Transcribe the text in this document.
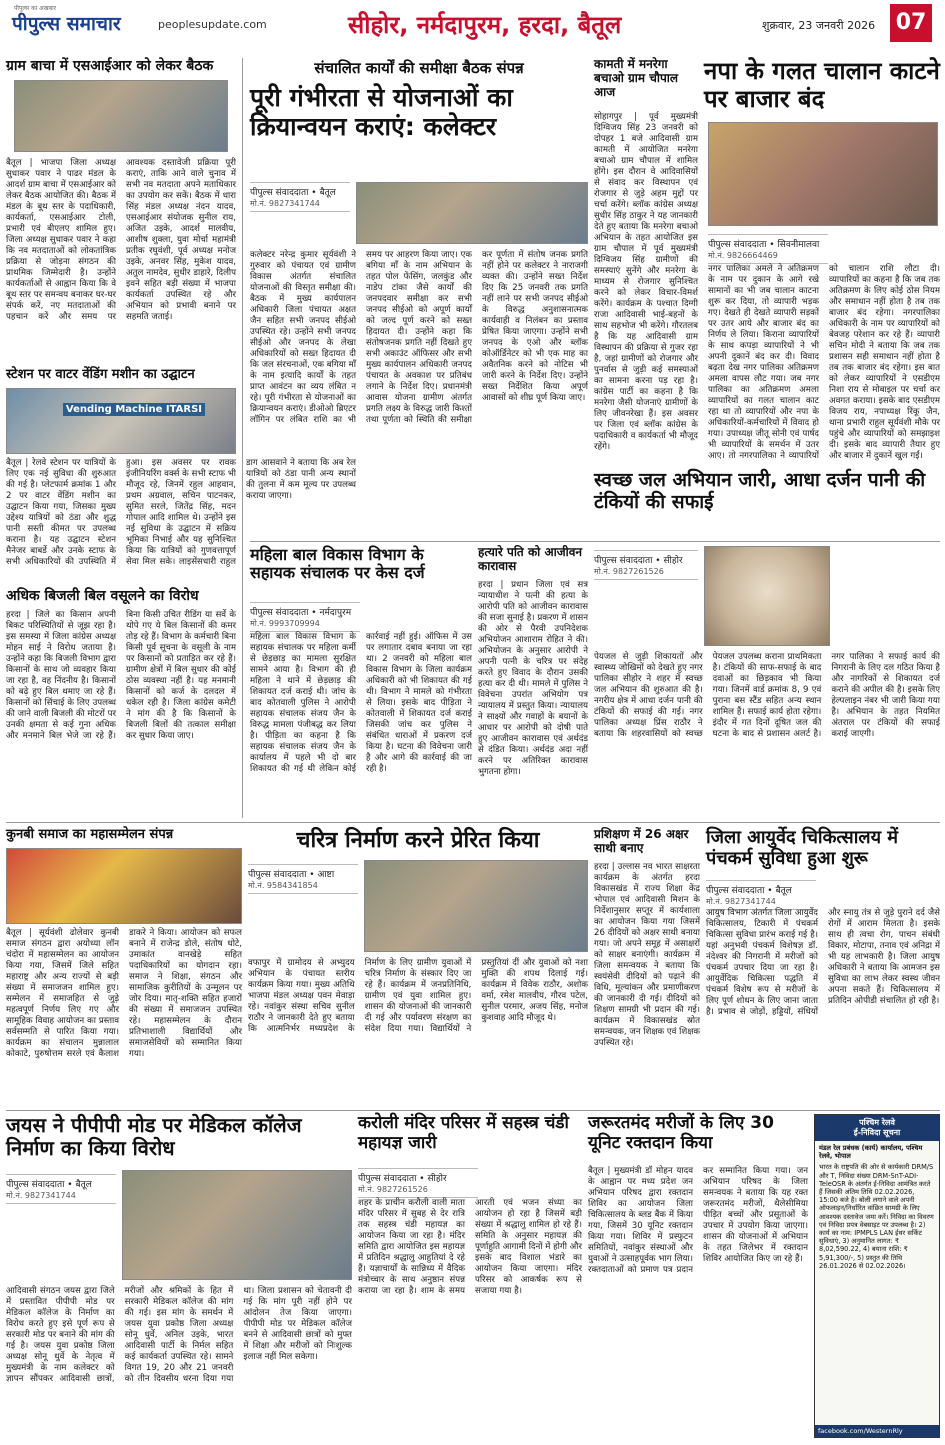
पीपुल्स का अखबार
पीपुल्स समाचार	peoplesupdate.com	सीहोर, नर्मदापुरम, हरदा, बैतूल	शुक्रवार, 23 जनवरी 2026 07
ग्राम बाचा में एसआईआर को लेकर बैठक
बैतूल | भाजपा जिला अध्यक्ष सुधाकर पवार ने पाढर मंडल के आदर्श ग्राम बाचा में एसआईआर को लेकर बैठक आयोजित की। बैठक में मंडल के बूथ स्तर के पदाधिकारी, कार्यकर्ता, एसआईआर टोली, प्रभारी एवं बीएलए शामिल हुए। जिला अध्यक्ष सुधाकर पवार ने कहा कि नव मतदाताओं को लोकतांत्रिक प्रक्रिया से जोड़ना संगठन की प्राथमिक जिम्मेदारी है। उन्होंने कार्यकर्ताओं से आह्वान किया कि वे बूथ स्तर पर समन्वय बनाकर घर-घर संपर्क करें, नए मतदाताओं की पहचान करें और समय पर आवश्यक दस्तावेजी प्रक्रिया पूरी कराएं, ताकि आने वाले चुनाव में सभी नव मतदाता अपने मताधिकार का उपयोग कर सकें। बैठक में धारा सिंह मंडल अध्यक्ष नंदन यादव, एसआईआर संयोजक सुनील राय, अजित उइके, आदर्श मालवीय, आशीष शुक्ला, युवा मोर्चा महामंत्री प्रतीक रघुवंशी, पूर्व अध्यक्ष मनोज उइके, अनवर सिंह, मुकेश यादव, अतुल नामदेव, सुधीर डाहारे, दिलीप इवने सहित बड़ी संख्या में भाजपा कार्यकर्ता उपस्थित रहे और अभियान को प्रभावी बनाने पर सहमति जताई।
स्टेशन पर वाटर वेंडिंग मशीन का उद्घाटन
Vending Machine ITARSI
बैतूल | रेलवे स्टेशन पर यात्रियों के लिए एक नई सुविधा की शुरुआत की गई है। प्लेटफार्म क्रमांक 1 और 2 पर वाटर वेंडिंग मशीन का उद्घाटन किया गया, जिसका मुख्य उद्देश्य यात्रियों को ठंडा और शुद्ध पानी सस्ती कीमत पर उपलब्ध कराना है। यह उद्घाटन स्टेशन मैनेजर बाबर्डे और उनके स्टाफ के सभी अधिकारियों की उपस्थिति में हुआ। इस अवसर पर रावक इंजीनियरिंग वर्क्स के सभी स्टाफ भी मौजूद रहे, जिनमें रहुल आहवान, प्रथम अग्रवाल, सचिन पाटनकर, सुमित सरले, जितेंद्र सिंह, मदन गोपाल आदि शामिल थे। उन्होंने इस नई सुविधा के उद्घाटन में सक्रिय भूमिका निभाई और यह सुनिश्चित किया कि यात्रियों को गुणवत्तापूर्ण सेवा मिल सके। लाइसेंसधारी राहुल डाग आसवाने ने बताया कि अब रेल यात्रियों को ठंडा पानी अन्य स्थानों की तुलना में कम मूल्य पर उपलब्ध कराया जाएगा।
अधिक बिजली बिल वसूलने का विरोध
हरदा | जिले का किसान अपनी बिकट परिस्थितियों से जूझ रहा है। इस समस्या में जिला कांग्रेस अध्यक्ष मोहन साई ने विरोध जताया है। उन्होंने कहा कि बिजली विभाग द्वारा किसानों के साथ जो व्यवहार किया जा रहा है, वह निंदनीय है। किसानों को बढ़े हुए बिल थमाए जा रहे हैं। किसानों को सिंचाई के लिए उपलब्ध की जाने वाली बिजली की मोटरों पर उनकी क्षमता से कई गुना अधिक और मनमाने बिल भेजे जा रहे हैं। बिना किसी उचित रीडिंग या सर्वे के थोपे गए ये बिल किसानों की कमर तोड़ रहे हैं। विभाग के कर्मचारी बिना किसी पूर्व सूचना के वसूली के नाम पर किसानों को प्रताड़ित कर रहे हैं। ग्रामीण क्षेत्रों में बिल सुधार की कोई ठोस व्यवस्था नहीं है। यह मनमानी किसानों को कर्ज के दलदल में धकेल रही है। जिला कांग्रेस कमेटी ने मांग की है कि किसानों के बिजली बिलों की तत्काल समीक्षा कर सुधार किया जाए।
संचालित कार्यों की समीक्षा बैठक संपन्न
पूरी गंभीरता से योजनाओं का क्रियान्वयन कराएं: कलेक्टर
पीपुल्स संवाददाता • बैतूल
मो.नं. 9827341744
कलेक्टर नरेन्द्र कुमार सूर्यवंशी ने गुरुवार को पंचायत एवं ग्रामीण विकास अंतर्गत संचालित योजनाओं की विस्तृत समीक्षा की। बैठक में मुख्य कार्यपालन अधिकारी जिला पंचायत अक्षत जैन सहित सभी जनपद सीईओ उपस्थित रहे। उन्होंने सभी जनपद सीईओ और जनपद के लेखा अधिकारियों को सख्त हिदायत दी कि जल संरचनाओं, एक बगिया माँ के नाम इत्यादि कार्यों के तहत प्राप्त आवंटन का व्यय लंबित न रहे। पूरी गंभीरता से योजनाओं का क्रियान्वयन कराएं। डीओओ ब्रिएटर लॉगिन पर लंबित राशि का भी समय पर आहरण किया जाए। एक बगिया माँ के नाम अभियान के तहत पोल फेंसिंग, जलकुंड और नाडेप टांका जैसे कार्यों की जनपदवार समीक्षा कर सभी जनपद सीईओ को अपूर्ण कार्यों को जल्द पूर्ण करने को सख्त हिदायत दी। उन्होंने कहा कि संतोषजनक प्रगति नहीं दिखते हुए सभी अकाउंट ऑफिसर और सभी मुख्य कार्यपालन अधिकारी जनपद पंचायत के अवकाश पर प्रतिबंध लगाने के निर्देश दिए। प्रधानमंत्री आवास योजना ग्रामीण अंतर्गत प्रगति लक्ष्य के विरुद्ध जारी किश्तों तथा पूर्णता को स्थिति की समीक्षा कर पूर्णता में संतोष जनक प्रगति नहीं होने पर कलेक्टर ने नाराजगी व्यक्त की। उन्होंने सख्त निर्देश दिए कि 25 जनवरी तक प्रगति नहीं लाने पर सभी जनपद सीईओ के विरुद्ध अनुशासनात्मक कार्यवाही व निलंबन का प्रस्ताव प्रेषित किया जाएगा। उन्होंने सभी जनपद के एओ और ब्लॉक कोऑर्डिनेटर को भी एक माह का अवैतनिक करने को नोटिस भी जारी करने के निर्देश दिए। उन्होंने सख्त निर्देशित किया अपूर्ण आवासों को शीघ्र पूर्ण किया जाए।
कामती में मनरेगा बचाओ ग्राम चौपाल आज
सोहागपुर | पूर्व मुख्यमंत्री दिग्विजय सिंह 23 जनवरी को दोपहर 1 बजे आदिवासी ग्राम कामती में आयोजित मनरेगा बचाओ ग्राम चौपाल में शामिल होंगे। इस दौरान वे आदिवासियों से संवाद कर विस्थापन एवं रोजगार से जुड़े अहम मुद्दों पर चर्चा करेंगे। ब्लॉक कांग्रेस अध्यक्ष सुधीर सिंह ठाकुर ने यह जानकारी देते हुए बताया कि मनरेगा बचाओ अभियान के तहत आयोजित इस ग्राम चौपाल में पूर्व मुख्यमंत्री दिग्विजय सिंह ग्रामीणों की समस्याएं सुनेंगे और मनरेगा के माध्यम से रोजगार सुनिश्चित करने को लेकर विचार-विमर्श करेंगे। कार्यक्रम के पश्चात दिग्गी राजा आदिवासी भाई-बहनों के साथ सहभोज भी करेंगे। गौरतलब है कि यह आदिवासी ग्राम विस्थापन की प्रक्रिया से गुजर रहा है, जहां ग्रामीणों को रोजगार और पुनर्वास से जुड़ी कई समस्याओं का सामना करना पड़ रहा है। कांग्रेस पार्टी का कहना है कि मनरेगा जैसी योजनाएं ग्रामीणों के लिए जीवनरेखा हैं। इस अवसर पर जिला एवं ब्लॉक कांग्रेस के पदाधिकारी व कार्यकर्ता भी मौजूद रहेंगे।
नपा के गलत चालान काटने पर बाजार बंद
पीपुल्स संवाददाता • सिवनीमालवा
मो.नं. 9826664469
नगर पालिका अमले ने अतिक्रमण के नाम पर दुकान के आगे रखे सामानों का भी जब चालान काटना शुरू कर दिया, तो व्यापारी भड़क गए। देखते ही देखते व्यापारी सड़कों पर उतर आये और बाजार बंद का निर्णय ले लिया। किराना व्यापारियों के साथ कपड़ा व्यापारियों ने भी अपनी दुकानें बंद कर दी। विवाद बढ़ता देख नगर पालिका अतिक्रमण अमला वापस लौट गया। जब नगर पालिका का अतिक्रमण अमला व्यापारियों का गलत चालान काट रहा था तो व्यापारियों और नपा के अधिकारियों-कर्मचारियों में विवाद हो गया। उपाध्यक्ष जीतू सोनी एवं पार्षद भी व्यापारियों के समर्थन में उतर आए। तो नगरपालिका ने व्यापारियों को चालान राशि लौटा दी। व्यापारियों का कहना है कि जब तक अतिक्रमण के लिए कोई ठोस नियम और समाधान नहीं होता है तब तक बाजार बंद रहेगा। नगरपालिका अधिकारी के नाम पर व्यापारियों को बेवजह परेशान कर रहे हैं। व्यापारी सचिन मोदी ने बताया कि जब तक प्रशासन सही समाधान नहीं होता है तब तक बाजार बंद रहेगा। इस बात को लेकर व्यापारियों ने एसडीएम निशा राय से मोबाइल पर चर्चा कर अवगत कराया। इसके बाद एसडीएम विजय राय, नपाध्यक्ष रिंकू जैन, थाना प्रभारी राहुल सूर्यवंशी मौके पर पहुंचे और व्यापारियों को समझाइश दी। इसके बाद व्यापारी तैयार हुए और बाजार में दुकानें खुल गईं।
महिला बाल विकास विभाग के सहायक संचालक पर केस दर्ज
पीपुल्स संवाददाता • नर्मदापुरम
मो.नं. 9993709994
महिला बाल विकास विभाग के सहायक संचालक पर महिला कर्मी से छेड़छाड़ का मामला सुरक्षित सामने आया है। विभाग की ही महिला ने थाने में छेड़छाड़ की शिकायत दर्ज कराई थी। जांच के बाद कोतवाली पुलिस ने आरोपी सहायक संचालक संजय जैन के विरुद्ध मामला पंजीबद्ध कर लिया है। पीड़िता का कहना है कि सहायक संचालक संजय जैन के कार्यालय में पहले भी दो बार शिकायत की गई थी लेकिन कोई कार्रवाई नहीं हुई। ऑफिस में उस पर लगातार दबाव बनाया जा रहा था। 2 जनवरी को महिला बाल विकास विभाग के जिला कार्यक्रम अधिकारी को भी शिकायत की गई थी। विभाग ने मामले को गंभीरता से लिया। इसके बाद पीड़िता ने कोतवाली में शिकायत दर्ज कराई जिसकी जांच कर पुलिस ने संबंधित धाराओं में प्रकरण दर्ज किया है। घटना की विवेचना जारी है और आगे की कार्रवाई की जा रही है।
हत्यारे पति को आजीवन कारावास
हरदा | प्रधान जिला एवं सत्र न्यायाधीश ने पत्नी की हत्या के आरोपी पति को आजीवन कारावास की सजा सुनाई है। प्रकरण में शासन की ओर से पैरवी उपनिदेशक अभियोजन आशाराम रोहित ने की। अभियोजन के अनुसार आरोपी ने अपनी पत्नी के चरित्र पर संदेह करते हुए विवाद के दौरान उसकी हत्या कर दी थी। मामले में पुलिस ने विवेचना उपरांत अभियोग पत्र न्यायालय में प्रस्तुत किया। न्यायालय ने साक्ष्यों और गवाहों के बयानों के आधार पर आरोपी को दोषी पाते हुए आजीवन कारावास एवं अर्थदंड से दंडित किया। अर्थदंड अदा नहीं करने पर अतिरिक्त कारावास भुगतना होगा।
स्वच्छ जल अभियान जारी, आधा दर्जन पानी की टंकियों की सफाई
पीपुल्स संवाददाता • सीहोर
मो.नं. 9827261526
पेयजल से जुड़ी शिकायतों और स्वास्थ्य जोखिमों को देखते हुए नगर पालिका सीहोर ने शहर में स्वच्छ जल अभियान की शुरुआत की है। नगरीय क्षेत्र में आधा दर्जन पानी की टंकियों की सफाई की गई। नगर पालिका अध्यक्ष प्रिंस राठौर ने बताया कि शहरवासियों को स्वच्छ पेयजल उपलब्ध कराना प्राथमिकता है। टंकियों की साफ-सफाई के बाद दवाओं का छिड़काव भी किया गया। जिनमें वार्ड क्रमांक 8, 9 एवं पुराना बस स्टैंड सहित अन्य स्थान शामिल हैं। सफाई कार्य होता रहेगा। इंदौर में गत दिनों दूषित जल की घटना के बाद से प्रशासन अलर्ट है। नगर पालिका ने सफाई कार्य की निगरानी के लिए दल गठित किया है और नागरिकों से शिकायत दर्ज कराने की अपील की है। इसके लिए हेल्पलाइन नंबर भी जारी किया गया है। अभियान के तहत नियमित अंतराल पर टंकियों की सफाई कराई जाएगी।
कुनबी समाज का महासम्मेलन संपन्न
बैतूल | सूर्यवंशी ढोलेवार कुनबी समाज संगठन द्वारा अयोध्या लॉन चंदोरा में महासम्मेलन का आयोजन किया गया, जिसमें जिले सहित महाराष्ट्र और अन्य राज्यों से बड़ी संख्या में समाजजन शामिल हुए। सम्मेलन में समाजहित से जुड़े महत्वपूर्ण निर्णय लिए गए और सामूहिक विवाह आयोजन का प्रस्ताव सर्वसम्मति से पारित किया गया। कार्यक्रम का संचालन मुन्नालाल कोकाटे, पुरुषोत्तम सरले एवं कैलाश डाकरे ने किया। आयोजन को सफल बनाने में राजेन्द्र डोले, संतोष धोटे, उमाकांत वानखेड़े सहित पदाधिकारियों का योगदान रहा। समाज ने शिक्षा, संगठन और सामाजिक कुरीतियों के उन्मूलन पर जोर दिया। मातृ-शक्ति सहित हजारों की संख्या में समाजजन उपस्थित रहे। महासम्मेलन के दौरान प्रतिभाशाली विद्यार्थियों और समाजसेवियों को सम्मानित किया गया।
चरित्र निर्माण करने प्रेरित किया
पीपुल्स संवाददाता • आष्टा
मो.नं. 9584341854
वफापुर में ग्रामोदय से अभ्युदय अभियान के पंचायत स्तरीय कार्यक्रम किया गया। मुख्य अतिथि भाजपा मंडल अध्यक्ष पवन मेवाड़ा रहे। नवांकुर संस्था सचिव सुनील राठौर ने जानकारी देते हुए बताया कि आत्मनिर्भर मध्यप्रदेश के निर्माण के लिए ग्रामीण युवाओं में चरित्र निर्माण के संस्कार दिए जा रहे हैं। कार्यक्रम में जनप्रतिनिधि, ग्रामीण एवं युवा शामिल हुए। शासन की योजनाओं की जानकारी दी गई और पर्यावरण संरक्षण का संदेश दिया गया। विद्यार्थियों ने प्रस्तुतियां दीं और युवाओं को नशा मुक्ति की शपथ दिलाई गई। कार्यक्रम में विवेक राठौर, अशोक वर्मा, रमेश मालवीय, गौरव पटेल, सुनील परमार, अजय सिंह, मनोज कुशवाह आदि मौजूद थे।
प्रशिक्षण में 26 अक्षर साथी बनाए
हरदा | उल्लास नव भारत साक्षरता कार्यक्रम के अंतर्गत हरदा विकासखंड में राज्य शिक्षा केंद्र भोपाल एवं आदिवासी मिशन के निर्देशानुसार सप्तूर में कार्यशाला का आयोजन किया गया जिसमें 26 दीदियों को अक्षर साथी बनाया गया। जो अपने समूह में असाक्षरों को साक्षर बनाएंगी। कार्यक्रम में जिला समन्वयक ने बताया कि स्वयंसेवी दीदियों को पढ़ाने की विधि, मूल्यांकन और प्रमाणीकरण की जानकारी दी गई। दीदियों को शिक्षण सामग्री भी प्रदान की गई। कार्यक्रम में विकासखंड स्रोत समन्वयक, जन शिक्षक एवं शिक्षक उपस्थित रहे।
जिला आयुर्वेद चिकित्सालय में पंचकर्म सुविधा हुआ शुरू
पीपुल्स संवाददाता • बैतूल
मो.नं. 9827341744
आयुष विभाग अंतर्गत जिला आयुर्वेद चिकित्सालय, टिकारी में पंचकर्म चिकित्सा सुविधा प्रारंभ कराई गई है। यहां अनुभवी पंचकर्म विशेषज्ञ डॉ. नंदेश्वर की निगरानी में मरीजों को पंचकर्म उपचार दिया जा रहा है। आयुर्वेदिक चिकित्सा पद्धति में पंचकर्म विशेष रूप से मरीजों के लिए पूर्ण शोधन के लिए जाना जाता है। प्रभाव से जोड़ों, हड्डियों, संधियों और स्नायु तंत्र से जुड़े पुराने दर्द जैसे रोगों में आराम मिलता है। इसके साथ ही त्वचा रोग, पाचन संबंधी विकार, मोटापा, तनाव एवं अनिद्रा में भी यह लाभकारी है। जिला आयुष अधिकारी ने बताया कि आमजन इस सुविधा का लाभ लेकर स्वस्थ जीवन अपना सकते हैं। चिकित्सालय में प्रतिदिन ओपीडी संचालित हो रही है।
जयस ने पीपीपी मोड पर मेडिकल कॉलेज निर्माण का किया विरोध
पीपुल्स संवाददाता • बैतूल
मो.नं. 9827341744
आदिवासी संगठन जयस द्वारा जिले में प्रस्तावित पीपीपी मोड पर मेडिकल कॉलेज के निर्माण का विरोध करते हुए इसे पूर्ण रूप से सरकारी मोड पर बनाने की मांग की गई है। जयस युवा प्रकोष्ठ जिला अध्यक्ष सोनू धुर्वे के नेतृत्व में मुख्यमंत्री के नाम कलेक्टर को ज्ञापन सौंपकर आदिवासी छात्रों, मरीजों और श्रमिकों के हित में सरकारी मेडिकल कॉलेज की मांग की गई। इस मांग के समर्थन में जयस युवा प्रकोष्ठ जिला अध्यक्ष सोनू धुर्वे, अनिल उइके, भारत आदिवासी पार्टी के निर्मल सहित कई कार्यकर्ता उपस्थित रहे। सामने विगत 19, 20 और 21 जनवरी को तीन दिवसीय धरना दिया गया था। जिला प्रशासन को चेतावनी दी गई कि मांग पूरी नहीं होने पर आंदोलन तेज किया जाएगा। पीपीपी मोड पर मेडिकल कॉलेज बनने से आदिवासी छात्रों को मुफ्त में शिक्षा और मरीजों को निःशुल्क इलाज नहीं मिल सकेगा।
करोली मंदिर परिसर में सहस्त्र चंडी महायज्ञ जारी
पीपुल्स संवाददाता • सीहोर
मो.नं. 9827261526
शहर के प्राचीन करौली वाली माता मंदिर परिसर में सुबह से देर रात्रि तक सहस्त्र चंडी महायज्ञ का आयोजन किया जा रहा है। मंदिर समिति द्वारा आयोजित इस महायज्ञ में प्रतिदिन श्रद्धालु आहुतियां दे रहे हैं। यज्ञाचार्यों के सान्निध्य में वैदिक मंत्रोच्चार के साथ अनुष्ठान संपन्न कराया जा रहा है। शाम के समय आरती एवं भजन संध्या का आयोजन हो रहा है जिसमें बड़ी संख्या में श्रद्धालु शामिल हो रहे हैं। समिति के अनुसार महायज्ञ की पूर्णाहुति आगामी दिनों में होगी और इसके बाद विशाल भंडारे का आयोजन किया जाएगा। मंदिर परिसर को आकर्षक रूप से सजाया गया है।
जरूरतमंद मरीजों के लिए 30 यूनिट रक्तदान किया
बैतूल | मुख्यमंत्री डॉ मोहन यादव के आह्वान पर मध्य प्रदेश जन अभियान परिषद द्वारा रक्तदान शिविर का आयोजन जिला चिकित्सालय के ब्लड बैंक में किया गया, जिसमें 30 यूनिट रक्तदान किया गया। शिविर में प्रस्फुटन समितियों, नवांकुर संस्थाओं और युवाओं ने उत्साहपूर्वक भाग लिया। रक्तदाताओं को प्रमाण पत्र प्रदान कर सम्मानित किया गया। जन अभियान परिषद के जिला समन्वयक ने बताया कि यह रक्त जरूरतमंद मरीजों, थैलेसीमिया पीड़ित बच्चों और प्रसूताओं के उपचार में उपयोग किया जाएगा। शासन की योजनाओं में अभियान के तहत जिलेभर में रक्तदान शिविर आयोजित किए जा रहे हैं।
पश्चिम रेलवे
ई-निविदा सूचना
मंडल रेल प्रबंधक (कार्य) कार्यालय, पश्चिम रेलवे, भोपाल
भारत के राष्ट्रपति की ओर से कार्यकारी DRM/S और T, निविदा संख्या DRM-SnT-ADI-TeleOSR के अंतर्गत ई-निविदा आमंत्रित करते हैं जिसकी अंतिम तिथि 02.02.2026, 15:00 बजे है। बोली लगाने वाले अपनी ऑफलाइन/निर्धारित वांछित सामग्री के लिए आवश्यक दस्तावेज जमा करें। निविदा का विवरण एवं निविदा प्रपत्र वेबसाइट पर उपलब्ध है। 2) कार्य का नाम: IPMPLS LAN ईथर सर्किट सुविधाएं, 3) अनुमानित लागत: ₹ 8,02,590.22, 4) बयाना राशि: ₹ 5,91,300/-, 5) प्रस्तुत की तिथि 26.01.2026 से 02.02.2026।
facebook.com/WesternRly
